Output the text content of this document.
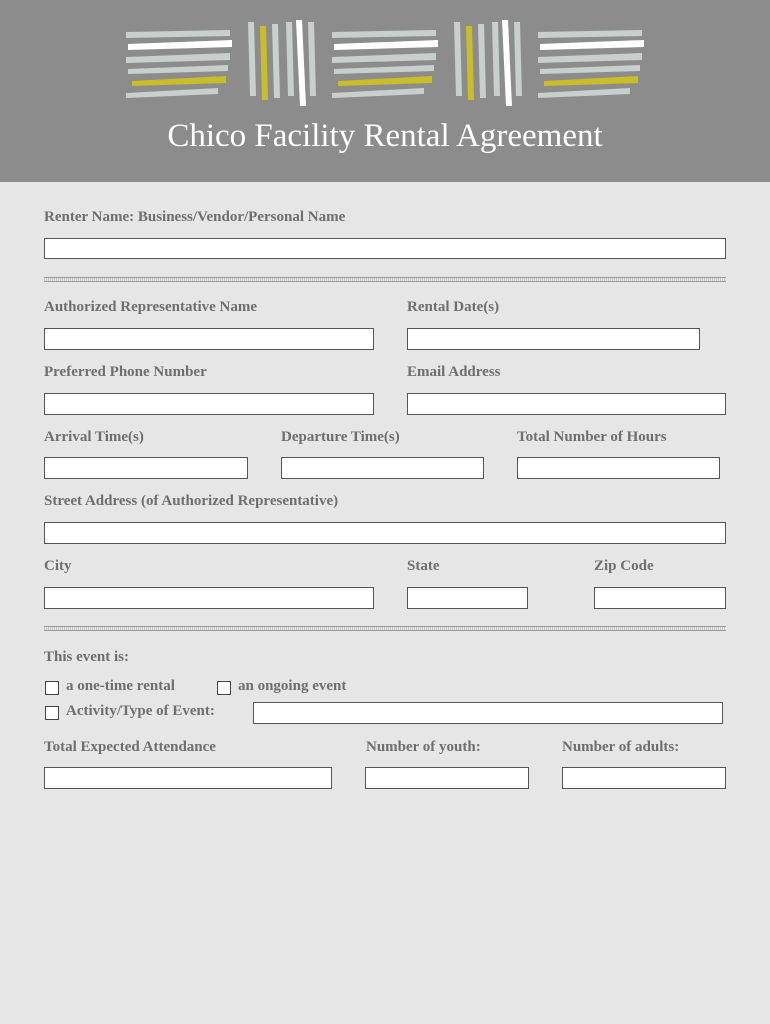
Chico Facility Rental Agreement
Renter Name: Business/Vendor/Personal Name
Authorized Representative Name	Rental Date(s)
Preferred Phone Number	Email Address
Arrival Time(s)	Departure Time(s)	Total Number of Hours
Street Address (of Authorized Representative)
City	State	Zip Code
This event is:
a one-time rental	an ongoing event
Activity/Type of Event:
Total Expected Attendance	Number of youth:	Number of adults:
